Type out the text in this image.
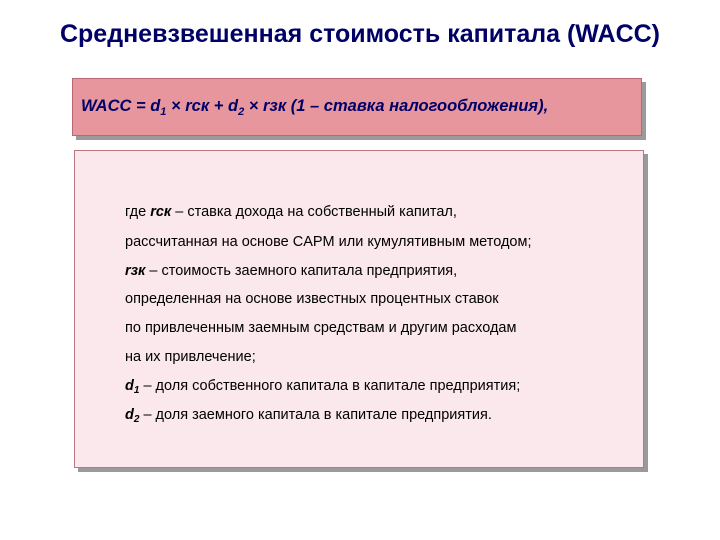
Средневзвешенная стоимость капитала (WACC)
WACC = $d_1$ × rск + $d_2$ × rзк (1 – ставка налогообложения),
где rск – ставка дохода на собственный капитал,
рассчитанная на основе CAPM или кумулятивным методом;
rзк – стоимость заемного капитала предприятия,
определенная на основе известных процентных ставок
по привлеченным заемным средствам и другим расходам
на их привлечение;
$d_1$ – доля собственного капитала в капитале предприятия;
$d_2$ – доля заемного капитала в капитале предприятия.
